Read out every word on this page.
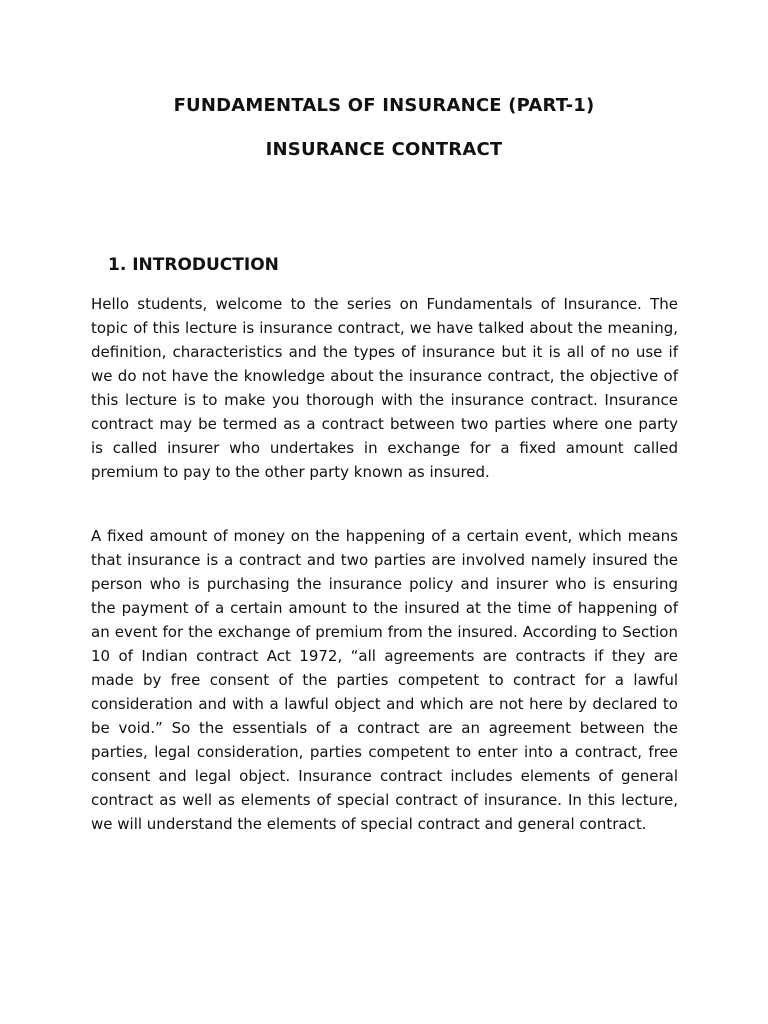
FUNDAMENTALS OF INSURANCE (PART-1)
INSURANCE CONTRACT
1. INTRODUCTION

Hello students, welcome to the series on Fundamentals of Insurance. The topic of this lecture is insurance contract, we have talked about the meaning, definition, characteristics and the types of insurance but it is all of no use if we do not have the knowledge about the insurance contract, the objective of this lecture is to make you thorough with the insurance contract. Insurance contract may be termed as a contract between two parties where one party is called insurer who undertakes in exchange for a fixed amount called premium to pay to the other party known as insured.

A fixed amount of money on the happening of a certain event, which means that insurance is a contract and two parties are involved namely insured the person who is purchasing the insurance policy and insurer who is ensuring the payment of a certain amount to the insured at the time of happening of an event for the exchange of premium from the insured. According to Section 10 of Indian contract Act 1972, “all agreements are contracts if they are made by free consent of the parties competent to contract for a lawful consideration and with a lawful object and which are not here by declared to be void.” So the essentials of a contract are an agreement between the parties, legal consideration, parties competent to enter into a contract, free consent and legal object. Insurance contract includes elements of general contract as well as elements of special contract of insurance. In this lecture, we will understand the elements of special contract and general contract.
